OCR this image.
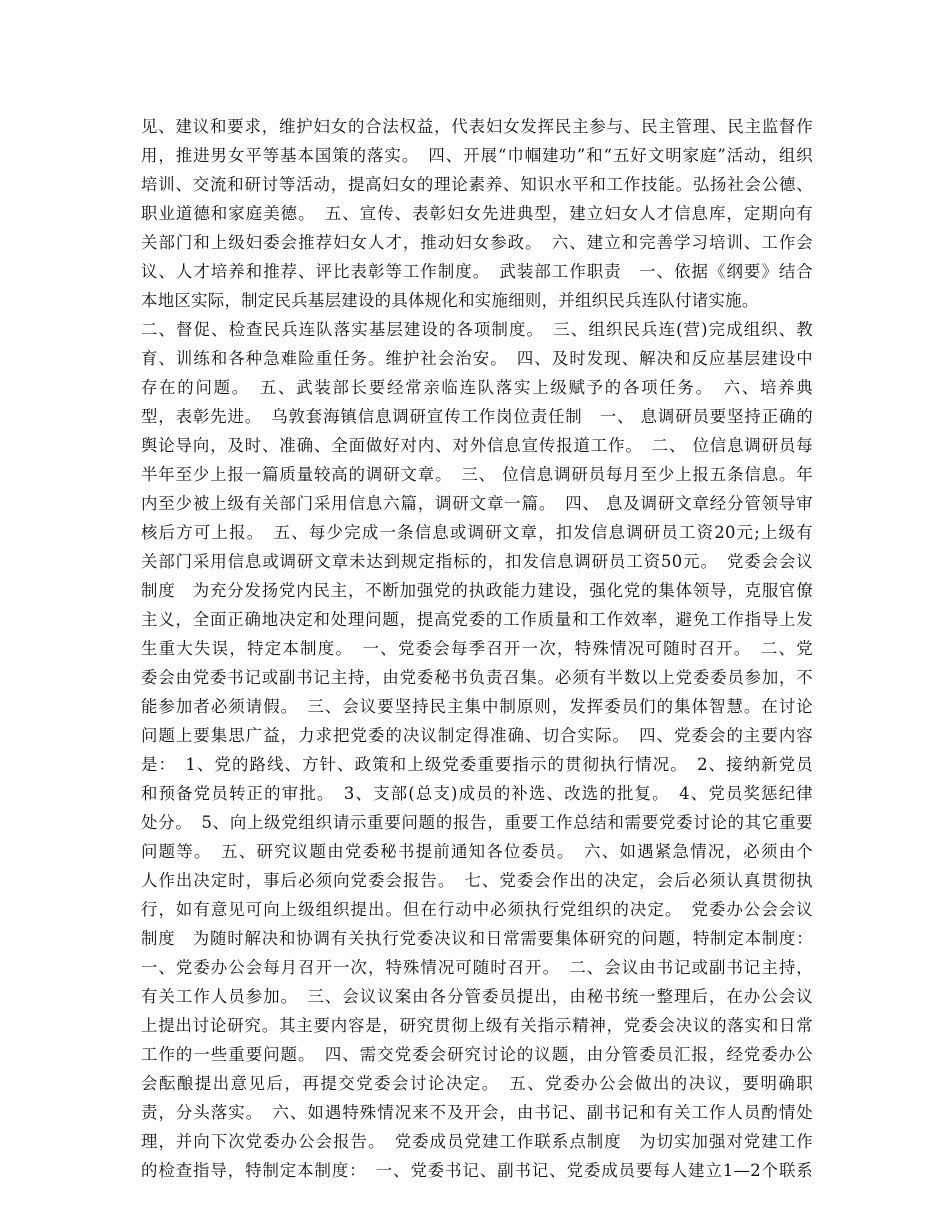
见、建议和要求，维护妇女的合法权益，代表妇女发挥民主参与、民主管理、民主监督作
用，推进男女平等基本国策的落实。　四、开展“巾帼建功”和“五好文明家庭”活动，组织
培训、交流和研讨等活动，提高妇女的理论素养、知识水平和工作技能。弘扬社会公德、
职业道德和家庭美德。　五、宣传、表彰妇女先进典型，建立妇女人才信息库，定期向有
关部门和上级妇委会推荐妇女人才，推动妇女参政。　六、建立和完善学习培训、工作会
议、人才培养和推荐、评比表彰等工作制度。　武装部工作职责　一、依据《纲要》结合
本地区实际，制定民兵基层建设的具体规化和实施细则，并组织民兵连队付诸实施。
二、督促、检查民兵连队落实基层建设的各项制度。　三、组织民兵连(营)完成组织、教
育、训练和各种急难险重任务。维护社会治安。　四、及时发现、解决和反应基层建设中
存在的问题。　五、武装部长要经常亲临连队落实上级赋予的各项任务。　六、培养典
型，表彰先进。　乌敦套海镇信息调研宣传工作岗位责任制　一、 息调研员要坚持正确的
舆论导向，及时、准确、全面做好对内、对外信息宣传报道工作。　二、 位信息调研员每
半年至少上报一篇质量较高的调研文章。　三、 位信息调研员每月至少上报五条信息。年
内至少被上级有关部门采用信息六篇，调研文章一篇。　四、 息及调研文章经分管领导审
核后方可上报。　五、每少完成一条信息或调研文章，扣发信息调研员工资20元;上级有
关部门采用信息或调研文章未达到规定指标的，扣发信息调研员工资50元。　党委会会议
制度　为充分发扬党内民主，不断加强党的执政能力建设，强化党的集体领导，克服官僚
主义，全面正确地决定和处理问题，提高党委的工作质量和工作效率，避免工作指导上发
生重大失误，特定本制度。　一、党委会每季召开一次，特殊情况可随时召开。　二、党
委会由党委书记或副书记主持，由党委秘书负责召集。必须有半数以上党委委员参加，不
能参加者必须请假。　三、会议要坚持民主集中制原则，发挥委员们的集体智慧。在讨论
问题上要集思广益，力求把党委的决议制定得准确、切合实际。　四、党委会的主要内容
是：　1、党的路线、方针、政策和上级党委重要指示的贯彻执行情况。　2、接纳新党员
和预备党员转正的审批。　3、支部(总支)成员的补选、改选的批复。　4、党员奖惩纪律
处分。　5、向上级党组织请示重要问题的报告，重要工作总结和需要党委讨论的其它重要
问题等。　五、研究议题由党委秘书提前通知各位委员。　六、如遇紧急情况，必须由个
人作出决定时，事后必须向党委会报告。　七、党委会作出的决定，会后必须认真贯彻执
行，如有意见可向上级组织提出。但在行动中必须执行党组织的决定。　党委办公会会议
制度　为随时解决和协调有关执行党委决议和日常需要集体研究的问题，特制定本制度：
一、党委办公会每月召开一次，特殊情况可随时召开。　二、会议由书记或副书记主持，
有关工作人员参加。　三、会议议案由各分管委员提出，由秘书统一整理后，在办公会议
上提出讨论研究。其主要内容是，研究贯彻上级有关指示精神，党委会决议的落实和日常
工作的一些重要问题。　四、需交党委会研究讨论的议题，由分管委员汇报，经党委办公
会酝酿提出意见后，再提交党委会讨论决定。　五、党委办公会做出的决议，要明确职
责，分头落实。　六、如遇特殊情况来不及开会，由书记、副书记和有关工作人员酌情处
理，并向下次党委办公会报告。　党委成员党建工作联系点制度　为切实加强对党建工作
的检查指导，特制定本制度：　一、党委书记、副书记、党委成员要每人建立1—2个联系
